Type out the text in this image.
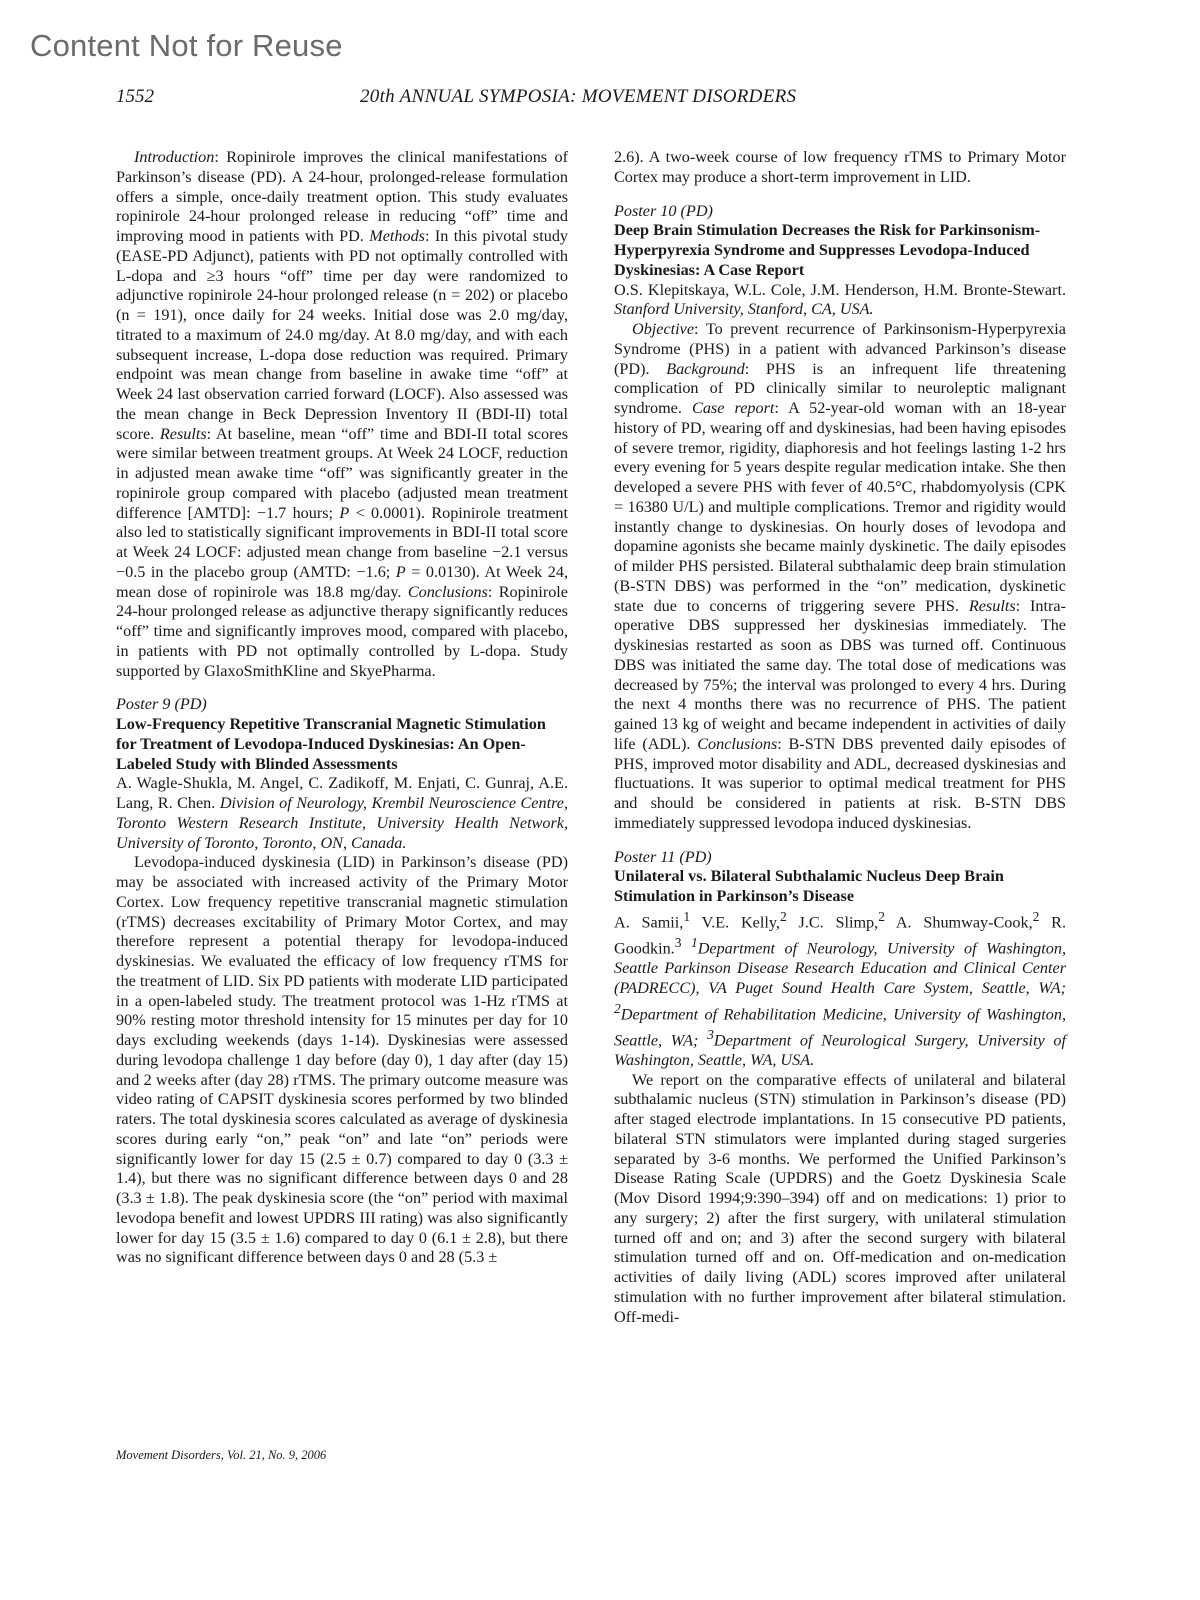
Content Not for Reuse
1552	20th ANNUAL SYMPOSIA: MOVEMENT DISORDERS

Introduction: Ropinirole improves the clinical manifestations of Parkinson’s disease (PD). A 24-hour, prolonged-release formulation offers a simple, once-daily treatment option. This study evaluates ropinirole 24-hour prolonged release in reducing “off” time and improving mood in patients with PD. Methods: In this pivotal study (EASE-PD Adjunct), patients with PD not optimally controlled with L-dopa and ≥3 hours “off” time per day were randomized to adjunctive ropinirole 24-hour prolonged release (n = 202) or placebo (n = 191), once daily for 24 weeks. Initial dose was 2.0 mg/day, titrated to a maximum of 24.0 mg/day. At 8.0 mg/day, and with each subsequent increase, L-dopa dose reduction was required. Primary endpoint was mean change from baseline in awake time “off” at Week 24 last observation carried forward (LOCF). Also assessed was the mean change in Beck Depression Inventory II (BDI-II) total score. Results: At baseline, mean “off” time and BDI-II total scores were similar between treatment groups. At Week 24 LOCF, reduction in adjusted mean awake time “off” was significantly greater in the ropinirole group compared with placebo (adjusted mean treatment difference [AMTD]: −1.7 hours; P < 0.0001). Ropinirole treatment also led to statistically significant improvements in BDI-II total score at Week 24 LOCF: adjusted mean change from baseline −2.1 versus −0.5 in the placebo group (AMTD: −1.6; P = 0.0130). At Week 24, mean dose of ropinirole was 18.8 mg/day. Conclusions: Ropinirole 24-hour prolonged release as adjunctive therapy significantly reduces “off” time and significantly improves mood, compared with placebo, in patients with PD not optimally controlled by L-dopa. Study supported by GlaxoSmithKline and SkyePharma.

Poster 9 (PD)

Low-Frequency Repetitive Transcranial Magnetic Stimulation for Treatment of Levodopa-Induced Dyskinesias: An Open-Labeled Study with Blinded Assessments

A. Wagle-Shukla, M. Angel, C. Zadikoff, M. Enjati, C. Gunraj, A.E. Lang, R. Chen. Division of Neurology, Krembil Neuroscience Centre, Toronto Western Research Institute, University Health Network, University of Toronto, Toronto, ON, Canada.

Levodopa-induced dyskinesia (LID) in Parkinson’s disease (PD) may be associated with increased activity of the Primary Motor Cortex. Low frequency repetitive transcranial magnetic stimulation (rTMS) decreases excitability of Primary Motor Cortex, and may therefore represent a potential therapy for levodopa-induced dyskinesias. We evaluated the efficacy of low frequency rTMS for the treatment of LID. Six PD patients with moderate LID participated in a open-labeled study. The treatment protocol was 1-Hz rTMS at 90% resting motor threshold intensity for 15 minutes per day for 10 days excluding weekends (days 1-14). Dyskinesias were assessed during levodopa challenge 1 day before (day 0), 1 day after (day 15) and 2 weeks after (day 28) rTMS. The primary outcome measure was video rating of CAPSIT dyskinesia scores performed by two blinded raters. The total dyskinesia scores calculated as average of dyskinesia scores during early “on,” peak “on” and late “on” periods were significantly lower for day 15 (2.5 ± 0.7) compared to day 0 (3.3 ± 1.4), but there was no significant difference between days 0 and 28 (3.3 ± 1.8). The peak dyskinesia score (the “on” period with maximal levodopa benefit and lowest UPDRS III rating) was also significantly lower for day 15 (3.5 ± 1.6) compared to day 0 (6.1 ± 2.8), but there was no significant difference between days 0 and 28 (5.3 ±

2.6). A two-week course of low frequency rTMS to Primary Motor Cortex may produce a short-term improvement in LID.

Poster 10 (PD)

Deep Brain Stimulation Decreases the Risk for Parkinsonism-Hyperpyrexia Syndrome and Suppresses Levodopa-Induced Dyskinesias: A Case Report

O.S. Klepitskaya, W.L. Cole, J.M. Henderson, H.M. Bronte-Stewart. Stanford University, Stanford, CA, USA.

Objective: To prevent recurrence of Parkinsonism-Hyperpyrexia Syndrome (PHS) in a patient with advanced Parkinson’s disease (PD). Background: PHS is an infrequent life threatening complication of PD clinically similar to neuroleptic malignant syndrome. Case report: A 52-year-old woman with an 18-year history of PD, wearing off and dyskinesias, had been having episodes of severe tremor, rigidity, diaphoresis and hot feelings lasting 1-2 hrs every evening for 5 years despite regular medication intake. She then developed a severe PHS with fever of 40.5°C, rhabdomyolysis (CPK = 16380 U/L) and multiple complications. Tremor and rigidity would instantly change to dyskinesias. On hourly doses of levodopa and dopamine agonists she became mainly dyskinetic. The daily episodes of milder PHS persisted. Bilateral subthalamic deep brain stimulation (B-STN DBS) was performed in the “on” medication, dyskinetic state due to concerns of triggering severe PHS. Results: Intra-operative DBS suppressed her dyskinesias immediately. The dyskinesias restarted as soon as DBS was turned off. Continuous DBS was initiated the same day. The total dose of medications was decreased by 75%; the interval was prolonged to every 4 hrs. During the next 4 months there was no recurrence of PHS. The patient gained 13 kg of weight and became independent in activities of daily life (ADL). Conclusions: B-STN DBS prevented daily episodes of PHS, improved motor disability and ADL, decreased dyskinesias and fluctuations. It was superior to optimal medical treatment for PHS and should be considered in patients at risk. B-STN DBS immediately suppressed levodopa induced dyskinesias.

Poster 11 (PD)

Unilateral vs. Bilateral Subthalamic Nucleus Deep Brain Stimulation in Parkinson’s Disease

A. Samii,$^1$ V.E. Kelly,$^2$ J.C. Slimp,$^2$ A. Shumway-Cook,$^2$ R. Goodkin.$^3$ $^1$Department of Neurology, University of Washington, Seattle Parkinson Disease Research Education and Clinical Center (PADRECC), VA Puget Sound Health Care System, Seattle, WA; $^2$Department of Rehabilitation Medicine, University of Washington, Seattle, WA; $^3$Department of Neurological Surgery, University of Washington, Seattle, WA, USA.

We report on the comparative effects of unilateral and bilateral subthalamic nucleus (STN) stimulation in Parkinson’s disease (PD) after staged electrode implantations. In 15 consecutive PD patients, bilateral STN stimulators were implanted during staged surgeries separated by 3-6 months. We performed the Unified Parkinson’s Disease Rating Scale (UPDRS) and the Goetz Dyskinesia Scale (Mov Disord 1994;9:390–394) off and on medications: 1) prior to any surgery; 2) after the first surgery, with unilateral stimulation turned off and on; and 3) after the second surgery with bilateral stimulation turned off and on. Off-medication and on-medication activities of daily living (ADL) scores improved after unilateral stimulation with no further improvement after bilateral stimulation. Off-medi-

Movement Disorders, Vol. 21, No. 9, 2006
